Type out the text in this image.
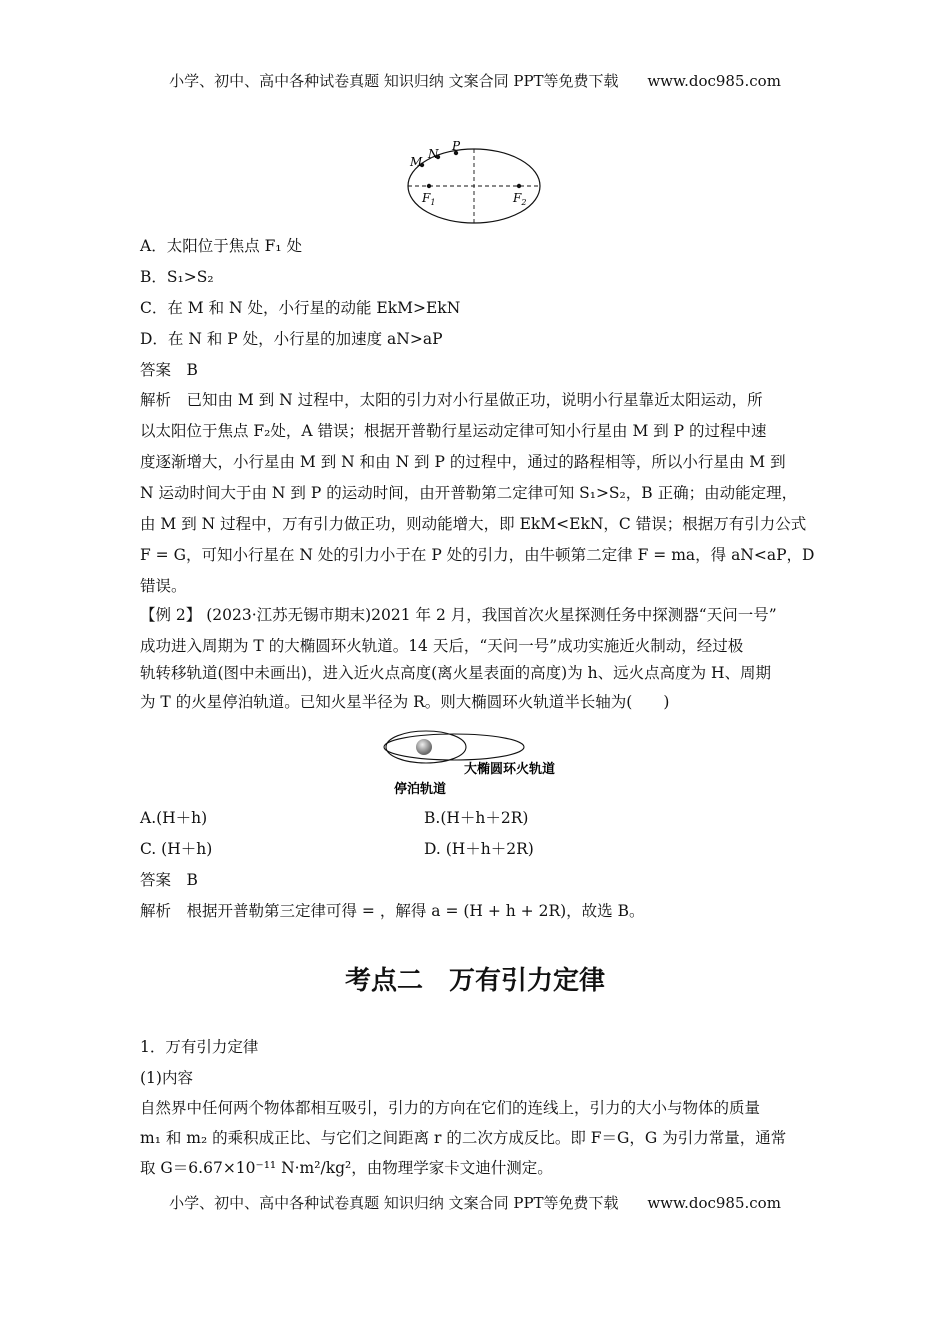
小学、初中、高中各种试卷真题 知识归纳 文案合同 PPT等免费下载 www.doc985.com
M
N
P
$F_1$	$F_2$
A．太阳位于焦点 F₁ 处
B．S₁>S₂
C．在 M 和 N 处，小行星的动能 EkM>EkN
D．在 N 和 P 处，小行星的加速度 aN>aP
答案　B
解析　已知由 M 到 N 过程中，太阳的引力对小行星做正功，说明小行星靠近太阳运动，所
以太阳位于焦点 F₂处，A 错误；根据开普勒行星运动定律可知小行星由 M 到 P 的过程中速
度逐渐增大，小行星由 M 到 N 和由 N 到 P 的过程中，通过的路程相等，所以小行星由 M 到
N 运动时间大于由 N 到 P 的运动时间，由开普勒第二定律可知 S₁>S₂，B 正确；由动能定理，
由 M 到 N 过程中，万有引力做正功，则动能增大，即 EkM<EkN，C 错误；根据万有引力公式
F = G，可知小行星在 N 处的引力小于在 P 处的引力，由牛顿第二定律 F = ma，得 aN<aP，D
错误。
【例 2】 (2023·江苏无锡市期末)2021 年 2 月，我国首次火星探测任务中探测器“天问一号”
成功进入周期为 T 的大椭圆环火轨道。14 天后，“天问一号”成功实施近火制动，经过极
轨转移轨道(图中未画出)，进入近火点高度(离火星表面的高度)为 h、远火点高度为 H、周期
为 T 的火星停泊轨道。已知火星半径为 R。则大椭圆环火轨道半长轴为(　　)
大椭圆环火轨道
停泊轨道
A.(H＋h)	B.(H＋h＋2R)
C. (H＋h)	D. (H＋h＋2R)
答案　B
解析　根据开普勒第三定律可得 = ，解得 a = (H + h + 2R)，故选 B。
考点二　万有引力定律
1．万有引力定律
(1)内容
自然界中任何两个物体都相互吸引，引力的方向在它们的连线上，引力的大小与物体的质量
m₁ 和 m₂ 的乘积成正比、与它们之间距离 r 的二次方成反比。即 F＝G，G 为引力常量，通常
取 G＝6.67×10⁻¹¹ N·m²/kg²，由物理学家卡文迪什测定。
小学、初中、高中各种试卷真题 知识归纳 文案合同 PPT等免费下载 www.doc985.com
